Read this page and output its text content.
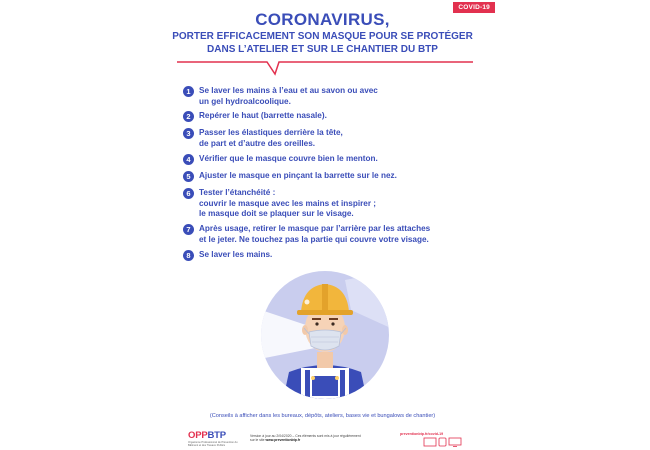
COVID-19

CORONAVIRUS,

PORTER EFFICACEMENT SON MASQUE POUR SE PROTÉGER

DANS L’ATELIER ET SUR LE CHANTIER DU BTP

1	Se laver les mains à l’eau et au savon ou avec
un gel hydroalcoolique.

2	Repérer le haut (barrette nasale).

3	Passer les élastiques derrière la tête,
de part et d’autre des oreilles.

4	Vérifier que le masque couvre bien le menton.

5	Ajuster le masque en pinçant la barrette sur le nez.

6	Tester l’étanchéité :
couvrir le masque avec les mains et inspirer ;
le masque doit se plaquer sur le visage.

7	Après usage, retirer le masque par l’arrière par les attaches
et le jeter. Ne touchez pas la partie qui couvre votre visage.

8	Se laver les mains.

(Conseils à afficher dans les bureaux, dépôts, ateliers, bases vie et bungalows de chantier)
OPPBTP
Organisme Professionnel de Prévention du Bâtiment et des Travaux Publics
Version à jour au 2/04/2020 – Ces éléments sont mis à jour régulièrement
sur le site www.preventionbtp.fr
preventionbtp.fr/covid-19
